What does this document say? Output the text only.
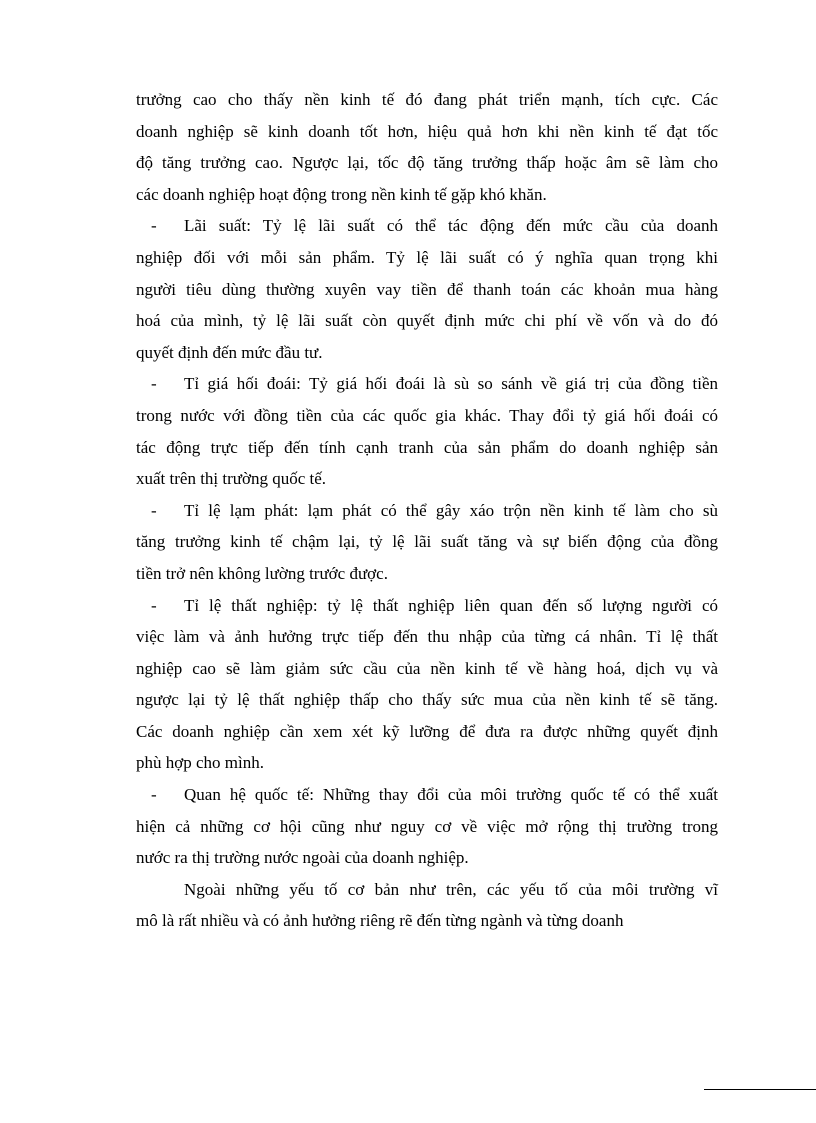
trưởng cao cho thấy nền kinh tế đó đang phát triển mạnh, tích cực. Các
doanh nghiệp sẽ kinh doanh tốt hơn, hiệu quả hơn khi nền kinh tế đạt tốc
độ tăng trưởng cao. Ngược lại, tốc độ tăng trưởng thấp hoặc âm sẽ làm cho
các doanh nghiệp hoạt động trong nền kinh tế gặp khó khăn.
- Lãi suất: Tỷ lệ lãi suất có thể tác động đến mức cầu của doanh
nghiệp đối với mỗi sản phẩm. Tỷ lệ lãi suất có ý nghĩa quan trọng khi
người tiêu dùng thường xuyên vay tiền để thanh toán các khoản mua hàng
hoá của mình, tỷ lệ lãi suất còn quyết định mức chi phí về vốn và do đó
quyết định đến mức đầu tư.
- Tỉ giá hối đoái: Tỷ giá hối đoái là sù so sánh về giá trị của đồng tiền
trong nước với đồng tiền của các quốc gia khác. Thay đổi tỷ giá hối đoái có
tác động trực tiếp đến tính cạnh tranh của sản phẩm do doanh nghiệp sản
xuất trên thị trường quốc tế.
- Tỉ lệ lạm phát: lạm phát có thể gây xáo trộn nền kinh tế làm cho sù
tăng trưởng kinh tế chậm lại, tỷ lệ lãi suất tăng và sự biến động của đồng
tiền trở nên không lường trước được.
- Tỉ lệ thất nghiệp: tỷ lệ thất nghiệp liên quan đến số lượng người có
việc làm và ảnh hưởng trực tiếp đến thu nhập của từng cá nhân. Tỉ lệ thất
nghiệp cao sẽ làm giảm sức cầu của nền kinh tế về hàng hoá, dịch vụ và
ngược lại tỷ lệ thất nghiệp thấp cho thấy sức mua của nền kinh tế sẽ tăng.
Các doanh nghiệp cần xem xét kỹ lưỡng để đưa ra được những quyết định
phù hợp cho mình.
- Quan hệ quốc tế: Những thay đổi của môi trường quốc tế có thể xuất
hiện cả những cơ hội cũng như nguy cơ về việc mở rộng thị trường trong
nước ra thị trường nước ngoài của doanh nghiệp.
Ngoài những yếu tố cơ bản như trên, các yếu tố của môi trường vĩ
mô là rất nhiều và có ảnh hưởng riêng rẽ đến từng ngành và từng doanh
